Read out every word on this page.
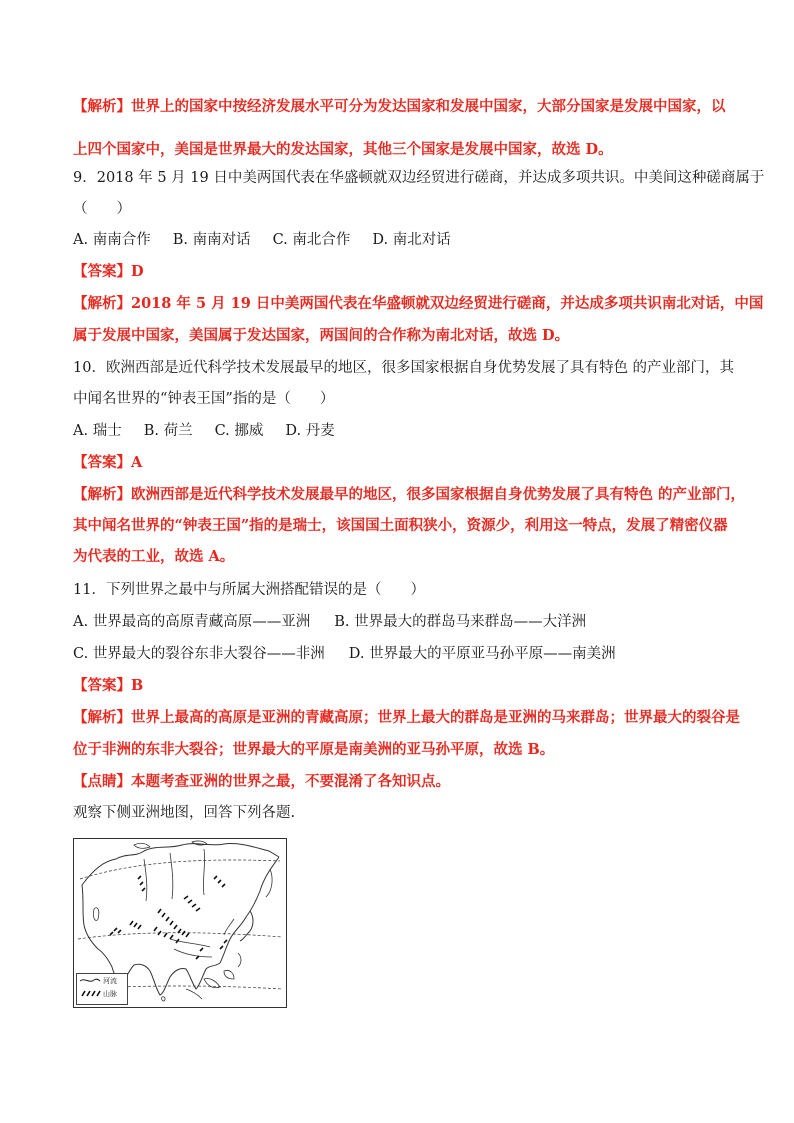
【解析】世界上的国家中按经济发展水平可分为发达国家和发展中国家，大部分国家是发展中国家，以
上四个国家中，美国是世界最大的发达国家，其他三个国家是发展中国家，故选 D。
9．2018 年 5 月 19 日中美两国代表在华盛顿就双边经贸进行磋商，并达成多项共识。中美间这种磋商属于
（　　）
A. 南南合作 B. 南南对话 C. 南北合作 D. 南北对话
【答案】D
【解析】2018 年 5 月 19 日中美两国代表在华盛顿就双边经贸进行磋商，并达成多项共识南北对话，中国
属于发展中国家，美国属于发达国家，两国间的合作称为南北对话，故选 D。
10．欧洲西部是近代科学技术发展最早的地区，很多国家根据自身优势发展了具有特色 的产业部门，其
中闻名世界的“钟表王国”指的是（　　）
A. 瑞士 B. 荷兰 C. 挪威 D. 丹麦
【答案】A
【解析】欧洲西部是近代科学技术发展最早的地区，很多国家根据自身优势发展了具有特色 的产业部门，
其中闻名世界的“钟表王国”指的是瑞士，该国国土面积狭小，资源少，利用这一特点，发展了精密仪器
为代表的工业，故选 A。
11．下列世界之最中与所属大洲搭配错误的是（　　）
A. 世界最高的高原青藏高原——亚洲 B. 世界最大的群岛马来群岛——大洋洲
C. 世界最大的裂谷东非大裂谷——非洲 D. 世界最大的平原亚马孙平原——南美洲
【答案】B
【解析】世界上最高的高原是亚洲的青藏高原；世界上最大的群岛是亚洲的马来群岛；世界最大的裂谷是
位于非洲的东非大裂谷；世界最大的平原是南美洲的亚马孙平原，故选 B。
【点睛】本题考查亚洲的世界之最，不要混淆了各知识点。
观察下侧亚洲地图，回答下列各题.
河流
山脉
